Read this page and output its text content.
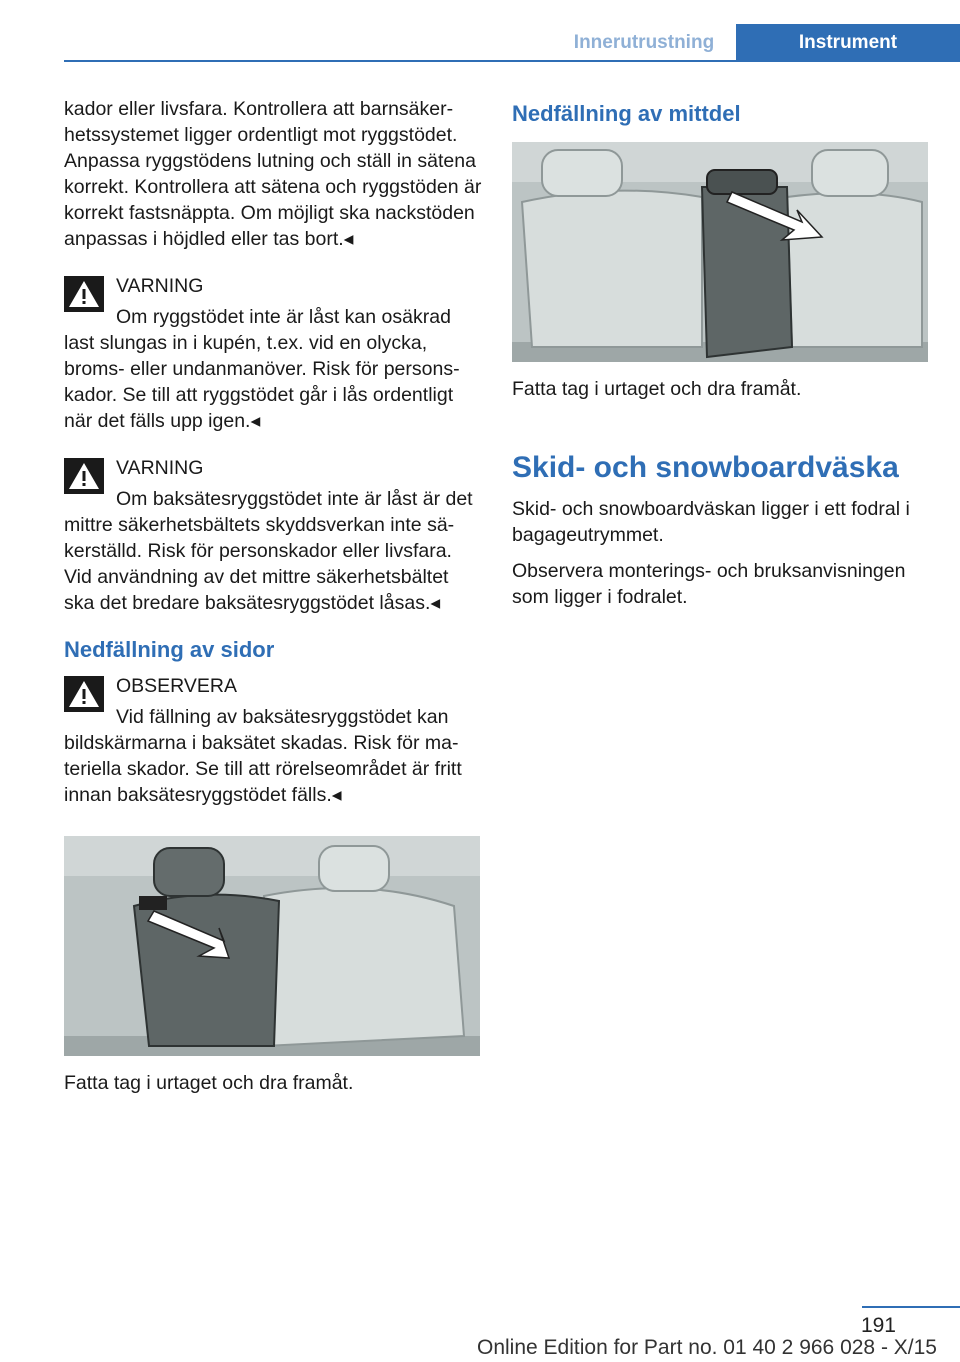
Innerutrustning	Instrument

kador eller livsfara. Kontrollera att barnsäkerhetssystemet ligger ordentligt mot ryggstödet. Anpassa ryggstödens lutning och ställ in sätena korrekt. Kontrollera att sätena och ryggstöden är korrekt fastsnäppta. Om möjligt ska nackstöden anpassas i höjdled eller tas bort.◂

VARNING
Om ryggstödet inte är låst kan osäkrad last slungas in i kupén, t.ex. vid en olycka, broms- eller undanmanöver. Risk för personskador. Se till att ryggstödet går i lås ordentligt när det fälls upp igen.◂
VARNING
Om baksätesryggstödet inte är låst är det mittre säkerhetsbältets skyddsverkan inte säkerställd. Risk för personskador eller livsfara. Vid användning av det mittre säkerhetsbältet ska det bredare baksätesryggstödet låsas.◂
Nedfällning av sidor
OBSERVERA
Vid fällning av baksätesryggstödet kan bildskärmarna i baksätet skadas. Risk för materiella skador. Se till att rörelseområdet är fritt innan baksätesryggstödet fälls.◂
Fatta tag i urtaget och dra framåt.
Nedfällning av mittdel
Fatta tag i urtaget och dra framåt.
Skid- och snowboardväska

Skid- och snowboardväskan ligger i ett fodral i bagageutrymmet.

Observera monterings- och bruksanvisningen som ligger i fodralet.

191
Online Edition for Part no. 01 40 2 966 028 - X/15
